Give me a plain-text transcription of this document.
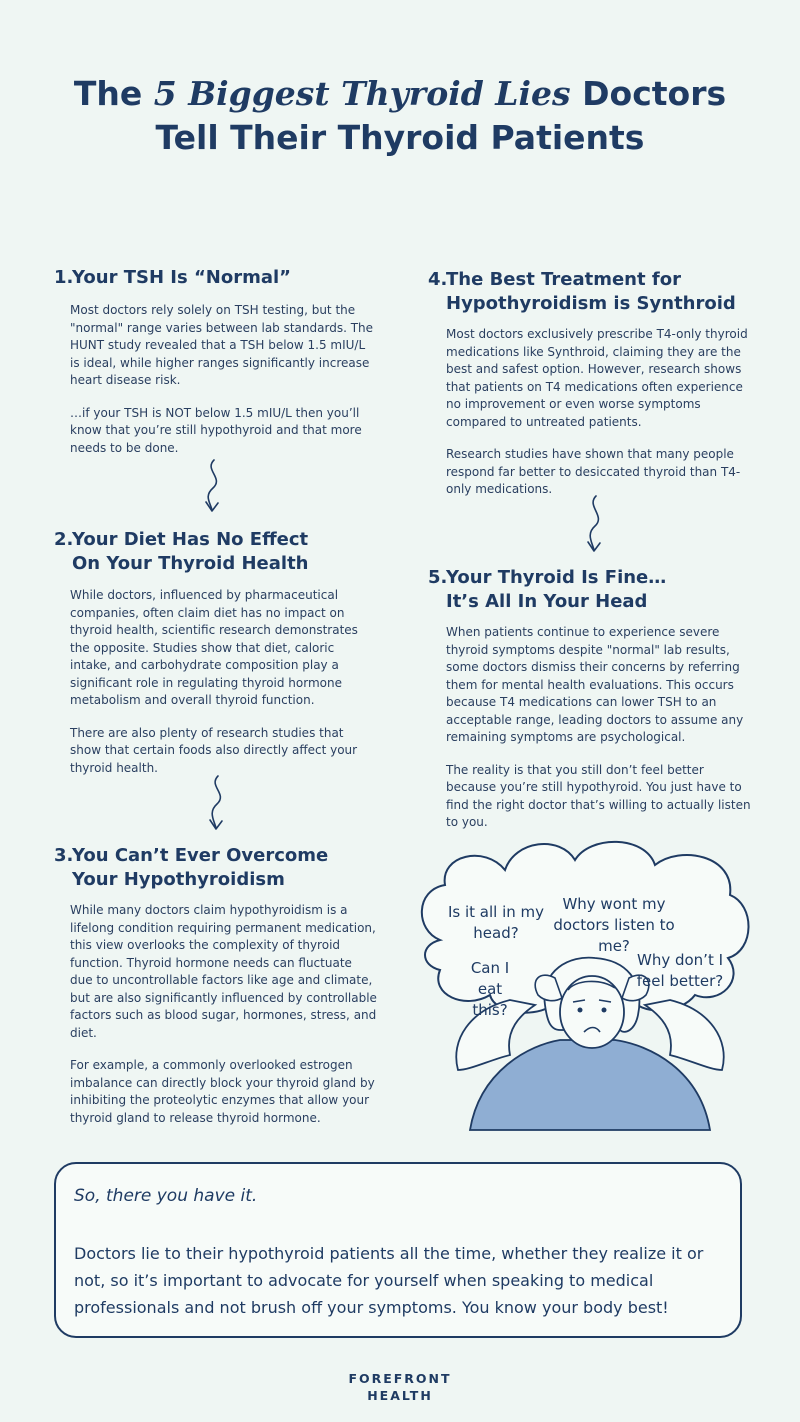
The 5 Biggest Thyroid Lies Doctors
Tell Their Thyroid Patients
1.
Your TSH Is “Normal”

Most doctors rely solely on TSH testing, but the "normal" range varies between lab standards. The HUNT study revealed that a TSH below 1.5 mIU/L is ideal, while higher ranges significantly increase heart disease risk.

…if your TSH is NOT below 1.5 mIU/L then you’ll know that you’re still hypothyroid and that more needs to be done.

2.
Your Diet Has No Effect
On Your Thyroid Health

While doctors, influenced by pharmaceutical companies, often claim diet has no impact on thyroid health, scientific research demonstrates the opposite. Studies show that diet, caloric intake, and carbohydrate composition play a significant role in regulating thyroid hormone metabolism and overall thyroid function.

There are also plenty of research studies that show that certain foods also directly affect your thyroid health.

3.
You Can’t Ever Overcome
Your Hypothyroidism

While many doctors claim hypothyroidism is a lifelong condition requiring permanent medication, this view overlooks the complexity of thyroid function. Thyroid hormone needs can fluctuate due to uncontrollable factors like age and climate, but are also significantly influenced by controllable factors such as blood sugar, hormones, stress, and diet.

For example, a commonly overlooked estrogen imbalance can directly block your thyroid gland by inhibiting the proteolytic enzymes that allow your thyroid gland to release thyroid hormone.

4.
The Best Treatment for
Hypothyroidism is Synthroid

Most doctors exclusively prescribe T4-only thyroid medications like Synthroid, claiming they are the best and safest option. However, research shows that patients on T4 medications often experience no improvement or even worse symptoms compared to untreated patients.

Research studies have shown that many people respond far better to desiccated thyroid than T4-only medications.

5.
Your Thyroid Is Fine…
It’s All In Your Head

When patients continue to experience severe thyroid symptoms despite "normal" lab results, some doctors dismiss their concerns by referring them for mental health evaluations. This occurs because T4 medications can lower TSH to an acceptable range, leading doctors to assume any remaining symptoms are psychological.

The reality is that you still don’t feel better because you’re still hypothyroid. You just have to find the right doctor that’s willing to actually listen to you.

Is it all in my head?
Can I eat this?
Why wont my doctors listen to me?
Why don’t I feel better?
So, there you have it.
Doctors lie to their hypothyroid patients all the time, whether they realize it or not, so it’s important to advocate for yourself when speaking to medical professionals and not brush off your symptoms. You know your body best!
FOREFRONT
HEALTH
